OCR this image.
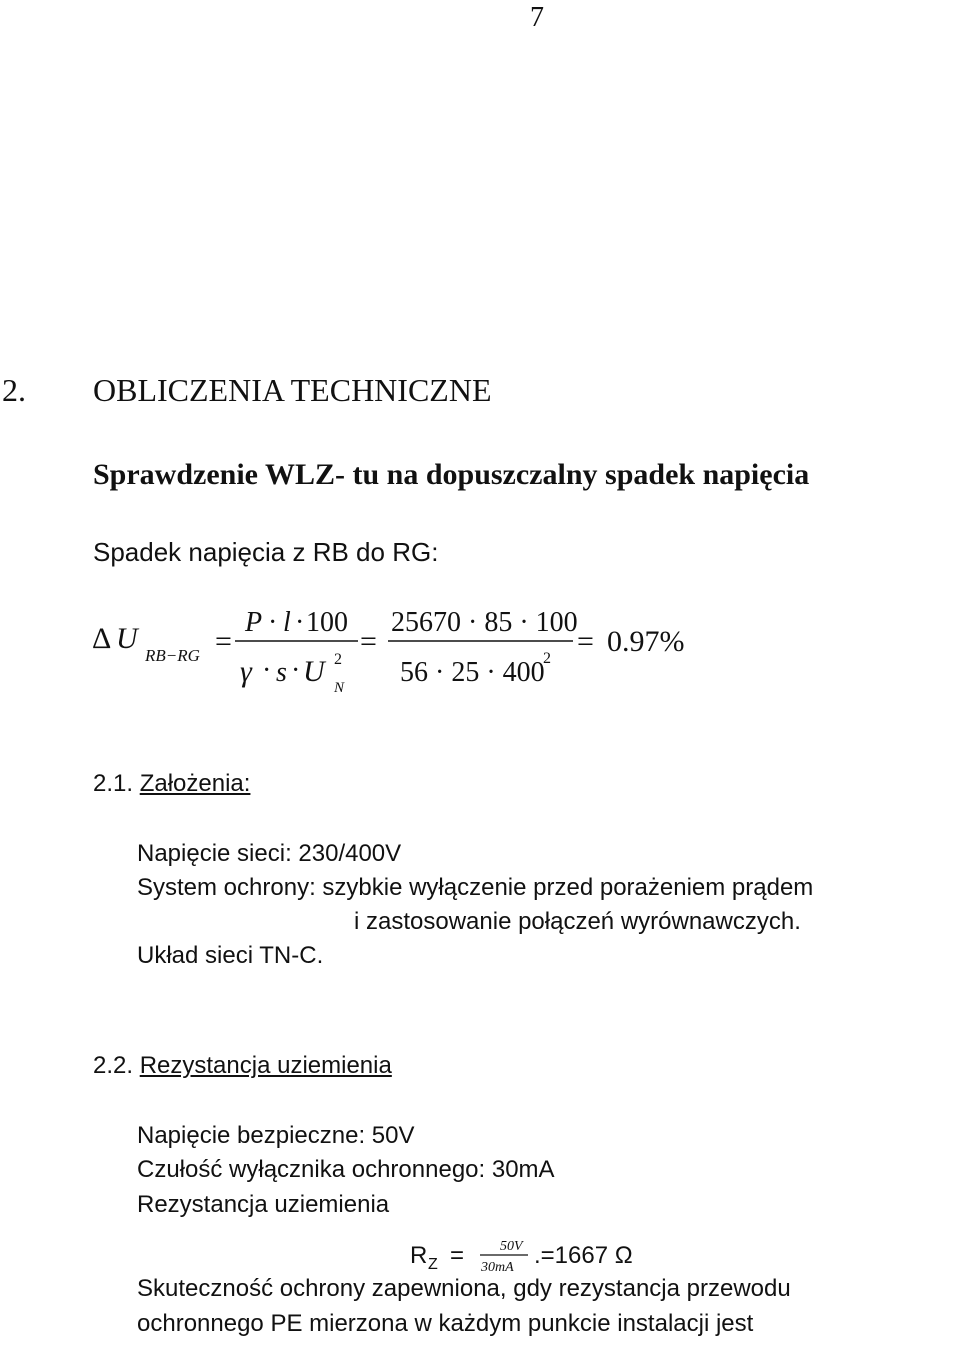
7
2. OBLICZENIA TECHNICZNE
Sprawdzenie WLZ- tu na dopuszczalny spadek napięcia
Spadek napięcia z RB do RG:
Δ U
RB−RG =
P · l · 100
γ · s · U 2
N
=
25670 · 85 · 100
56 · 25 · 400
2
= 0.97%
2.1. Założenia:
Napięcie sieci: 230/400V
System ochrony: szybkie wyłączenie przed porażeniem prądem
i zastosowanie połączeń wyrównawczych.
Układ sieci TN-C.
2.2. Rezystancja uziemienia
Napięcie bezpieczne: 50V
Czułość wyłącznika ochronnego: 30mA
Rezystancja uziemienia
R Z =	50V
30mA .=1667 Ω
Skuteczność ochrony zapewniona, gdy rezystancja przewodu
ochronnego PE mierzona w każdym punkcie instalacji jest
